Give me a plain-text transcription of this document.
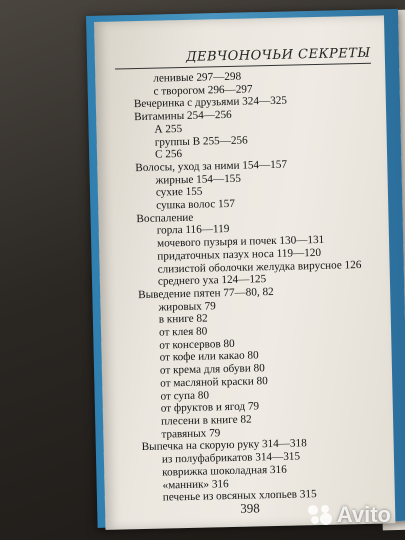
ДЕВЧОНОЧЬИ СЕКРЕТЫ
ленивые 297—298
с творогом 296—297
Вечеринка с друзьями 324—325
Витамины 254—256
А 255
группы В 255—256
С 256
Волосы, уход за ними 154—157
жирные 154—155
сухие 155
сушка волос 157
Воспаление
горла 116—119
мочевого пузыря и почек 130—131
придаточных пазух носа 119—120
слизистой оболочки желудка вирусное 126
среднего уха 124—125
Выведение пятен 77—80, 82
жировых 79
в книге 82
от клея 80
от консервов 80
от кофе или какао 80
от крема для обуви 80
от масляной краски 80
от супа 80
от фруктов и ягод 79
плесени в книге 82
травяных 79
Выпечка на скорую руку 314—318
из полуфабрикатов 314—315
коврижка шоколадная 316
«манник» 316
печенье из овсяных хлопьев 315
398	Avito
